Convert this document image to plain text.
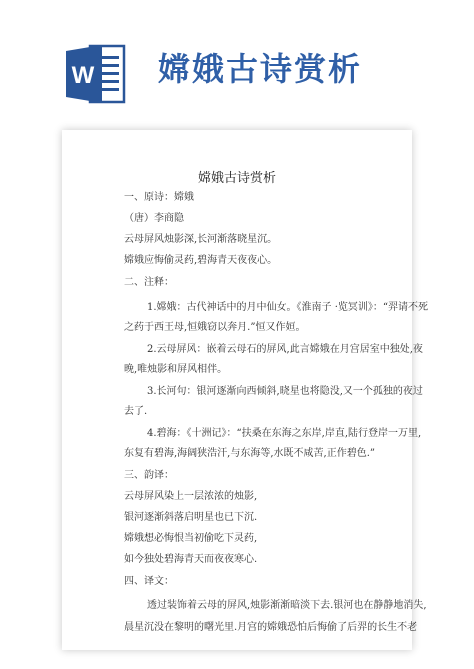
W 嫦娥古诗赏析
嫦娥古诗赏析
一、原诗：嫦娥
（唐）李商隐
云母屏风烛影深,长河渐落晓星沉。
嫦娥应悔偷灵药,碧海青天夜夜心。
二、注释：
1.嫦娥：古代神话中的月中仙女。《淮南子 ·览冥训》：“羿请不死
之药于西王母,恒娥窃以奔月.”恒又作姮。
2.云母屏风：嵌着云母石的屏风,此言嫦娥在月宫居室中独处,夜
晚,唯烛影和屏风相伴。
3.长河句：银河逐渐向西倾斜,晓星也将隐没,又一个孤独的夜过
去了.
4.碧海：《十洲记》：“扶桑在东海之东岸,岸直,陆行登岸一万里,
东复有碧海,海阔狭浩汗,与东海等,水既不咸苦,正作碧色.”
三、韵译：
云母屏风染上一层浓浓的烛影,
银河逐渐斜落启明星也已下沉.
嫦娥想必悔恨当初偷吃下灵药,
如今独处碧海青天而夜夜寒心.
四、译文：
透过装饰着云母的屏风,烛影渐渐暗淡下去.银河也在静静地消失,
晨星沉没在黎明的曙光里.月宫的嫦娥恐怕后悔偷了后羿的长生不老
